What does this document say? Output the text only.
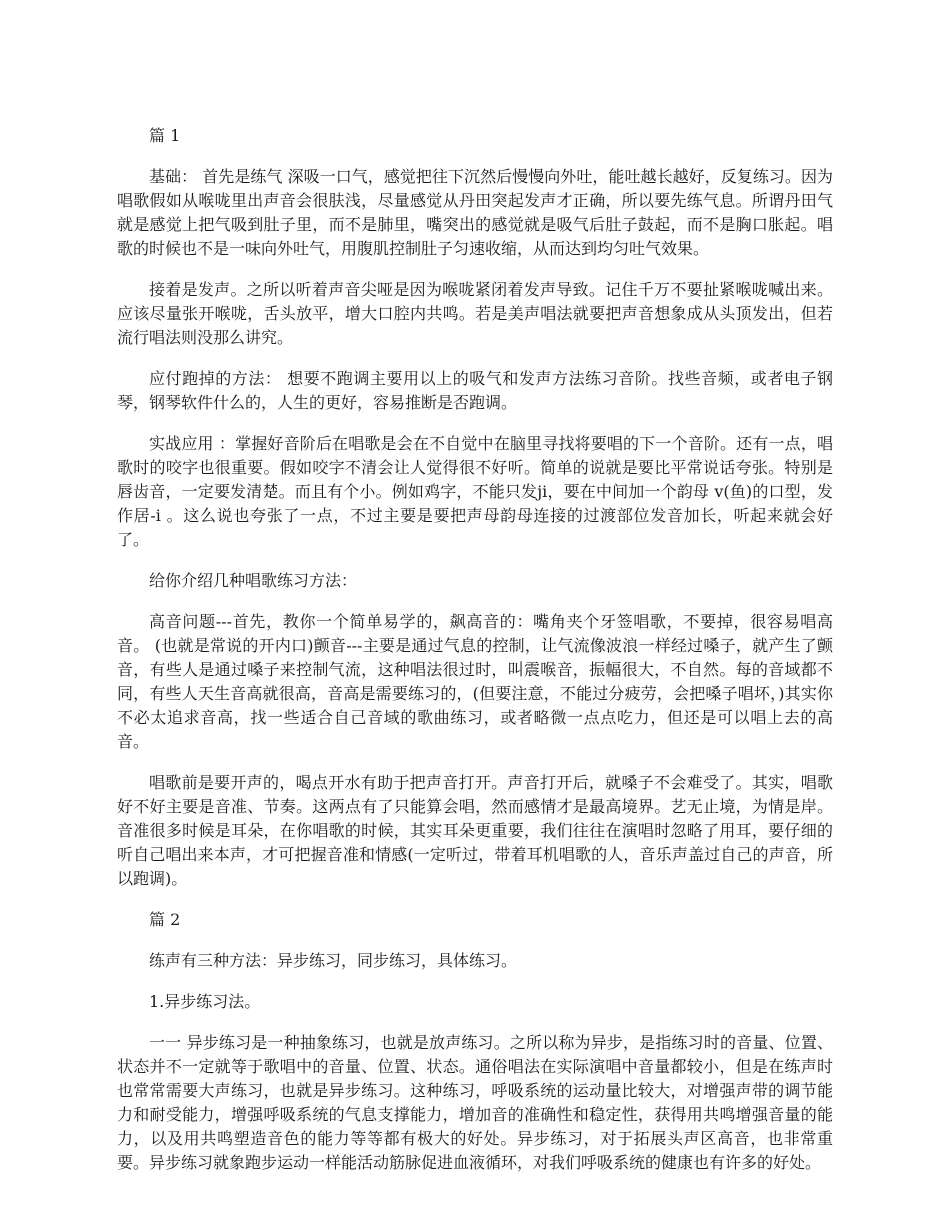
篇 1

基础： 首先是练气 深吸一口气，感觉把往下沉然后慢慢向外吐，能吐越长越好，反复练习。因为唱歌假如从喉咙里出声音会很肤浅，尽量感觉从丹田突起发声才正确，所以要先练气息。所谓丹田气就是感觉上把气吸到肚子里，而不是肺里，嘴突出的感觉就是吸气后肚子鼓起，而不是胸口胀起。唱歌的时候也不是一味向外吐气，用腹肌控制肚子匀速收缩，从而达到均匀吐气效果。

接着是发声。之所以听着声音尖哑是因为喉咙紧闭着发声导致。记住千万不要扯紧喉咙喊出来。应该尽量张开喉咙，舌头放平，增大口腔内共鸣。若是美声唱法就要把声音想象成从头顶发出，但若流行唱法则没那么讲究。

应付跑掉的方法： 想要不跑调主要用以上的吸气和发声方法练习音阶。找些音频，或者电子钢琴，钢琴软件什么的，人生的更好，容易推断是否跑调。

实战应用 ：掌握好音阶后在唱歌是会在不自觉中在脑里寻找将要唱的下一个音阶。还有一点，唱歌时的咬字也很重要。假如咬字不清会让人觉得很不好听。简单的说就是要比平常说话夸张。特别是唇齿音，一定要发清楚。而且有个小。例如鸡字，不能只发ji，要在中间加一个韵母 v(鱼)的口型，发作居-i 。这么说也夸张了一点，不过主要是要把声母韵母连接的过渡部位发音加长，听起来就会好了。

给你介绍几种唱歌练习方法：

高音问题---首先，教你一个简单易学的，飙高音的：嘴角夹个牙签唱歌，不要掉，很容易唱高音。 (也就是常说的开内口)颤音---主要是通过气息的控制，让气流像波浪一样经过嗓子，就产生了颤音，有些人是通过嗓子来控制气流，这种唱法很过时，叫震喉音，振幅很大，不自然。每的音域都不同，有些人天生音高就很高，音高是需要练习的，(但要注意，不能过分疲劳，会把嗓子唱坏，)其实你不必太追求音高，找一些适合自己音域的歌曲练习，或者略微一点点吃力，但还是可以唱上去的高音。

唱歌前是要开声的，喝点开水有助于把声音打开。声音打开后，就嗓子不会难受了。其实，唱歌好不好主要是音准、节奏。这两点有了只能算会唱，然而感情才是最高境界。艺无止境，为情是岸。音准很多时候是耳朵，在你唱歌的时候，其实耳朵更重要，我们往往在演唱时忽略了用耳，要仔细的听自己唱出来本声，才可把握音准和情感(一定听过，带着耳机唱歌的人，音乐声盖过自己的声音，所以跑调)。

篇 2

练声有三种方法：异步练习，同步练习，具体练习。

1.异步练习法。

一一 异步练习是一种抽象练习，也就是放声练习。之所以称为异步，是指练习时的音量、位置、状态并不一定就等于歌唱中的音量、位置、状态。通俗唱法在实际演唱中音量都较小，但是在练声时也常常需要大声练习，也就是异步练习。这种练习，呼吸系统的运动量比较大，对增强声带的调节能力和耐受能力，增强呼吸系统的气息支撑能力，增加音的准确性和稳定性，获得用共鸣增强音量的能力，以及用共鸣塑造音色的能力等等都有极大的好处。异步练习，对于拓展头声区高音，也非常重要。异步练习就象跑步运动一样能活动筋脉促进血液循环，对我们呼吸系统的健康也有许多的好处。
